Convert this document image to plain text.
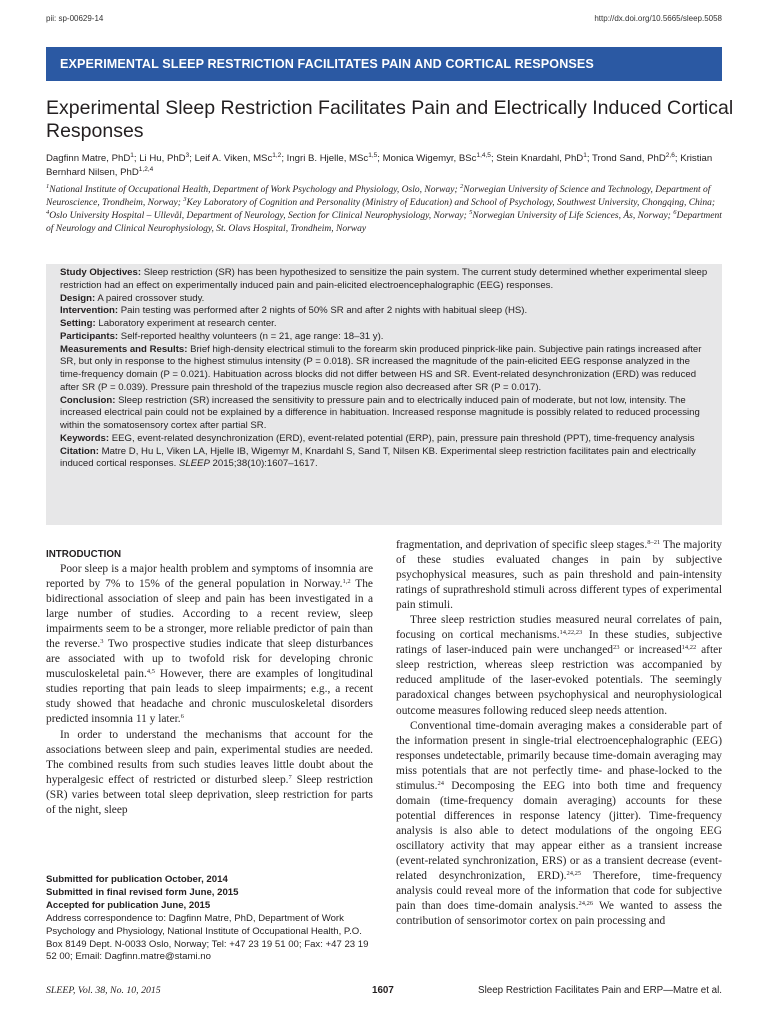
pii: sp-00629-14	http://dx.doi.org/10.5665/sleep.5058
EXPERIMENTAL SLEEP RESTRICTION FACILITATES PAIN AND CORTICAL RESPONSES
Experimental Sleep Restriction Facilitates Pain and Electrically Induced Cortical Responses
Dagfinn Matre, PhD$^1$; Li Hu, PhD$^3$; Leif A. Viken, MSc$^{1,2}$; Ingri B. Hjelle, MSc$^{1,5}$; Monica Wigemyr, BSc$^{1,4,5}$; Stein Knardahl, PhD$^1$; Trond Sand, PhD$^{2,6}$; Kristian Bernhard Nilsen, PhD$^{1,2,4}$
$^1$National Institute of Occupational Health, Department of Work Psychology and Physiology, Oslo, Norway; $^2$Norwegian University of Science and Technology, Department of Neuroscience, Trondheim, Norway; $^3$Key Laboratory of Cognition and Personality (Ministry of Education) and School of Psychology, Southwest University, Chongqing, China; $^4$Oslo University Hospital – Ullevål, Department of Neurology, Section for Clinical Neurophysiology, Norway; $^5$Norwegian University of Life Sciences, Ås, Norway; $^6$Department of Neurology and Clinical Neurophysiology, St. Olavs Hospital, Trondheim, Norway

Study Objectives: Sleep restriction (SR) has been hypothesized to sensitize the pain system. The current study determined whether experimental sleep restriction had an effect on experimentally induced pain and pain-elicited electroencephalographic (EEG) responses.

Design: A paired crossover study.

Intervention: Pain testing was performed after 2 nights of 50% SR and after 2 nights with habitual sleep (HS).

Setting: Laboratory experiment at research center.

Participants: Self-reported healthy volunteers (n = 21, age range: 18–31 y).

Measurements and Results: Brief high-density electrical stimuli to the forearm skin produced pinprick-like pain. Subjective pain ratings increased after SR, but only in response to the highest stimulus intensity (P = 0.018). SR increased the magnitude of the pain-elicited EEG response analyzed in the time-frequency domain (P = 0.021). Habituation across blocks did not differ between HS and SR. Event-related desynchronization (ERD) was reduced after SR (P = 0.039). Pressure pain threshold of the trapezius muscle region also decreased after SR (P = 0.017).

Conclusion: Sleep restriction (SR) increased the sensitivity to pressure pain and to electrically induced pain of moderate, but not low, intensity. The increased electrical pain could not be explained by a difference in habituation. Increased response magnitude is possibly related to reduced processing within the somatosensory cortex after partial SR.

Keywords: EEG, event-related desynchronization (ERD), event-related potential (ERP), pain, pressure pain threshold (PPT), time-frequency analysis

Citation: Matre D, Hu L, Viken LA, Hjelle IB, Wigemyr M, Knardahl S, Sand T, Nilsen KB. Experimental sleep restriction facilitates pain and electrically induced cortical responses. SLEEP 2015;38(10):1607–1617.

INTRODUCTION

Poor sleep is a major health problem and symptoms of insomnia are reported by 7% to 15% of the general population in Norway.$^{1,2}$ The bidirectional association of sleep and pain has been investigated in a large number of studies. According to a recent review, sleep impairments seem to be a stronger, more reliable predictor of pain than the reverse.$^3$ Two prospective studies indicate that sleep disturbances are associated with up to twofold risk for developing chronic musculoskeletal pain.$^{4,5}$ However, there are examples of longitudinal studies reporting that pain leads to sleep impairments; e.g., a recent study showed that headache and chronic musculoskeletal disorders predicted insomnia 11 y later.$^6$

In order to understand the mechanisms that account for the associations between sleep and pain, experimental studies are needed. The combined results from such studies leaves little doubt about the hyperalgesic effect of restricted or disturbed sleep.$^7$ Sleep restriction (SR) varies between total sleep deprivation, sleep restriction for parts of the night, sleep

fragmentation, and deprivation of specific sleep stages.$^{8-21}$ The majority of these studies evaluated changes in pain by subjective psychophysical measures, such as pain threshold and pain-intensity ratings of suprathreshold stimuli across different types of experimental pain stimuli.

Three sleep restriction studies measured neural correlates of pain, focusing on cortical mechanisms.$^{14,22,23}$ In these studies, subjective ratings of laser-induced pain were unchanged$^{23}$ or increased$^{14,22}$ after sleep restriction, whereas sleep restriction was accompanied by reduced amplitude of the laser-evoked potentials. The seemingly paradoxical changes between psychophysical and neurophysiological outcome measures following reduced sleep needs attention.

Conventional time-domain averaging makes a considerable part of the information present in single-trial electroencephalographic (EEG) responses undetectable, primarily because time-domain averaging may miss potentials that are not perfectly time- and phase-locked to the stimulus.$^{24}$ Decomposing the EEG into both time and frequency domain (time-frequency domain averaging) accounts for these potential differences in response latency (jitter). Time-frequency analysis is also able to detect modulations of the ongoing EEG oscillatory activity that may appear either as a transient increase (event-related synchronization, ERS) or as a transient decrease (event-related desynchronization, ERD).$^{24,25}$ Therefore, time-frequency analysis could reveal more of the information that code for subjective pain than does time-domain analysis.$^{24,26}$ We wanted to assess the contribution of sensorimotor cortex on pain processing and

Submitted for publication October, 2014
Submitted in final revised form June, 2015
Accepted for publication June, 2015
Address correspondence to: Dagfinn Matre, PhD, Department of Work Psychology and Physiology, National Institute of Occupational Health, P.O. Box 8149 Dept. N-0033 Oslo, Norway; Tel: +47 23 19 51 00; Fax: +47 23 19 52 00; Email: Dagfinn.matre@stami.no
SLEEP, Vol. 38, No. 10, 2015	1607	Sleep Restriction Facilitates Pain and ERP—Matre et al.
